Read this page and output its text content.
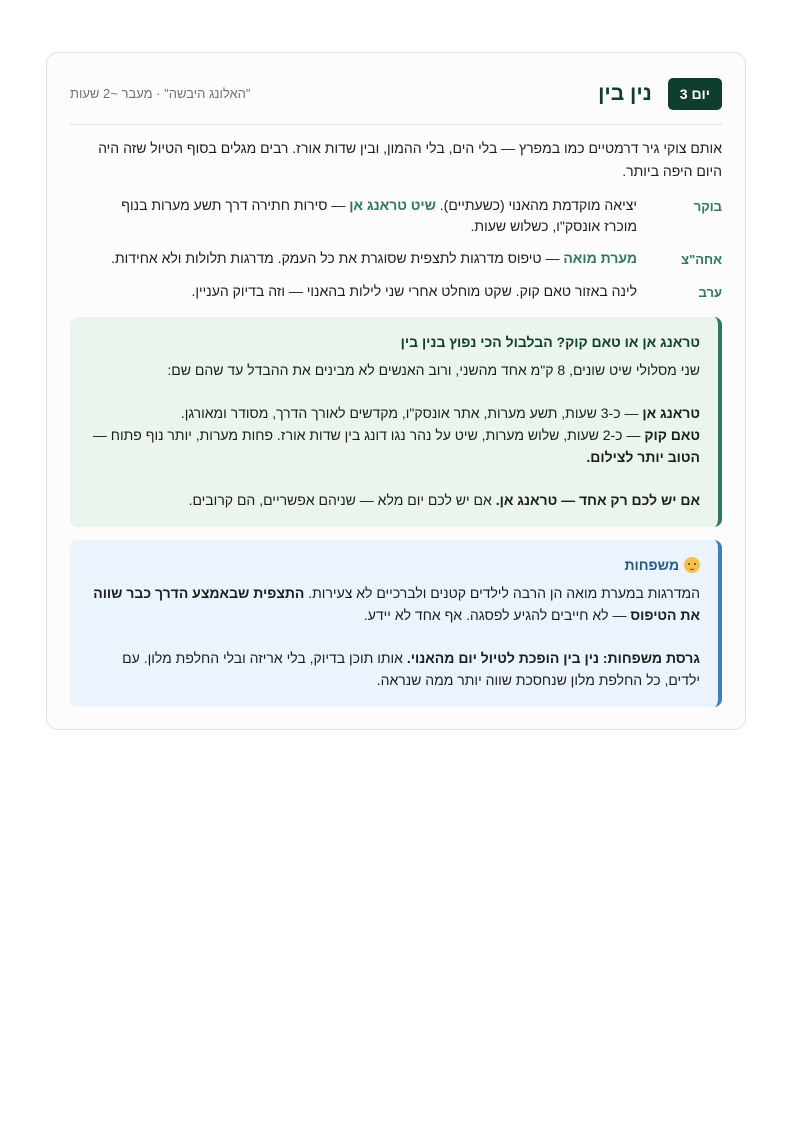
יום 3
נין בין
"האלונג היבשה" · מעבר ~2 שעות
אותם צוקי גיר דרמטיים כמו במפרץ — בלי הים, בלי ההמון, ובין שדות אורז. רבים מגלים בסוף הטיול שזה היה היום היפה ביותר.
בוקר
יציאה מוקדמת מהאנוי (כשעתיים). שיט טראנג אן — סירות חתירה דרך תשע מערות בנוף מוכרז אונסק"ו, כשלוש שעות.
אחה"צ
מערת מואה — טיפוס מדרגות לתצפית שסוגרת את כל העמק. מדרגות תלולות ולא אחידות.
ערב
לינה באזור טאם קוק. שקט מוחלט אחרי שני לילות בהאנוי — וזה בדיוק העניין.
טראנג אן או טאם קוק? הבלבול הכי נפוץ בנין בין

שני מסלולי שיט שונים, 8 ק"מ אחד מהשני, ורוב האנשים לא מבינים את ההבדל עד שהם שם:

טראנג אן — כ-3 שעות, תשע מערות, אתר אונסק"ו, מקדשים לאורך הדרך, מסודר ומאורגן.

טאם קוק — כ-2 שעות, שלוש מערות, שיט על נהר נגו דונג בין שדות אורז. פחות מערות, יותר נוף פתוח — הטוב יותר לצילום.

אם יש לכם רק אחד — טראנג אן. אם יש לכם יום מלא — שניהם אפשריים, הם קרובים.

משפחות

המדרגות במערת מואה הן הרבה לילדים קטנים ולברכיים לא צעירות. התצפית שבאמצע הדרך כבר שווה את הטיפוס — לא חייבים להגיע לפסגה. אף אחד לא יידע.

גרסת משפחות: נין בין הופכת לטיול יום מהאנוי. אותו תוכן בדיוק, בלי אריזה ובלי החלפת מלון. עם ילדים, כל החלפת מלון שנחסכת שווה יותר ממה שנראה.
